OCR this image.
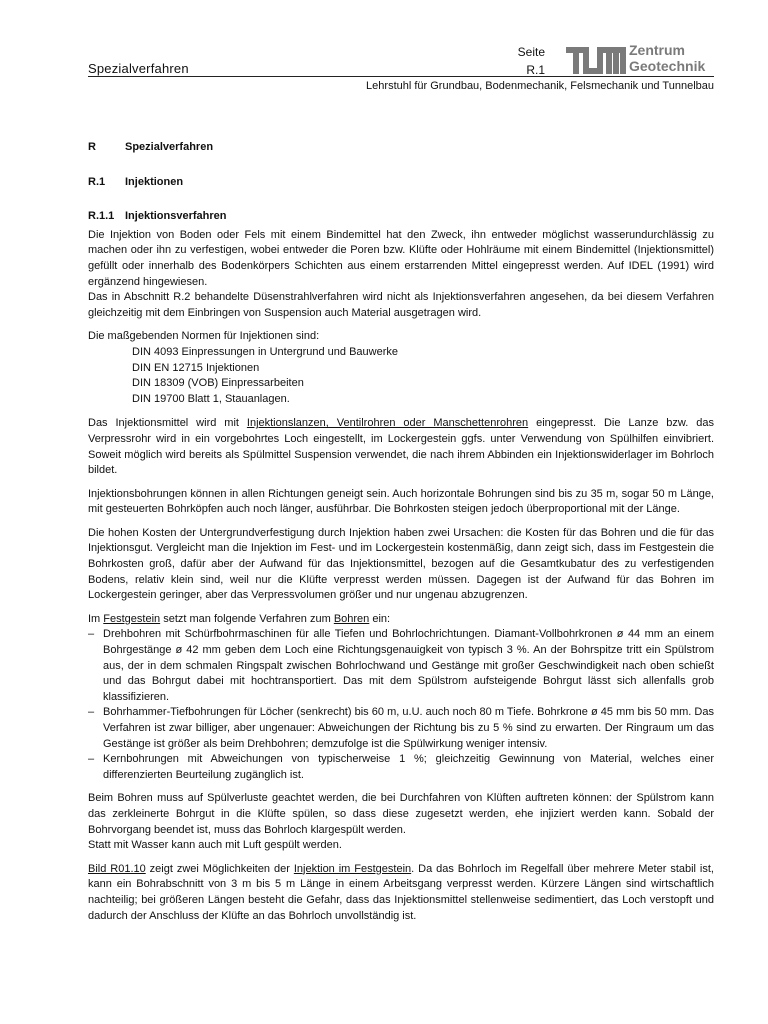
Spezialverfahren
Seite
R.1
Zentrum
Geotechnik
Lehrstuhl für Grundbau, Bodenmechanik, Felsmechanik und Tunnelbau
R	Spezialverfahren
R.1 Injektionen
R.1.1 Injektionsverfahren

Die Injektion von Boden oder Fels mit einem Bindemittel hat den Zweck, ihn entweder möglichst wasserundurchlässig zu machen oder ihn zu verfestigen, wobei entweder die Poren bzw. Klüfte oder Hohlräume mit einem Bindemittel (Injektionsmittel) gefüllt oder innerhalb des Bodenkörpers Schichten aus einem erstarrenden Mittel eingepresst werden. Auf IDEL (1991) wird ergänzend hingewiesen.

Das in Abschnitt R.2 behandelte Düsenstrahlverfahren wird nicht als Injektionsverfahren angesehen, da bei diesem Verfahren gleichzeitig mit dem Einbringen von Suspension auch Material ausgetragen wird.

Die maßgebenden Normen für Injektionen sind:

DIN 4093 Einpressungen in Untergrund und Bauwerke
DIN EN 12715 Injektionen
DIN 18309 (VOB) Einpressarbeiten
DIN 19700 Blatt 1, Stauanlagen.

Das Injektionsmittel wird mit Injektionslanzen, Ventilrohren oder Manschettenrohren eingepresst. Die Lanze bzw. das Verpressrohr wird in ein vorgebohrtes Loch eingestellt, im Lockergestein ggfs. unter Verwendung von Spülhilfen einvibriert. Soweit möglich wird bereits als Spülmittel Suspension verwendet, die nach ihrem Abbinden ein Injektionswiderlager im Bohrloch bildet.

Injektionsbohrungen können in allen Richtungen geneigt sein. Auch horizontale Bohrungen sind bis zu 35 m, sogar 50 m Länge, mit gesteuerten Bohrköpfen auch noch länger, ausführbar. Die Bohrkosten steigen jedoch überproportional mit der Länge.

Die hohen Kosten der Untergrundverfestigung durch Injektion haben zwei Ursachen: die Kosten für das Bohren und die für das Injektionsgut. Vergleicht man die Injektion im Fest- und im Lockergestein kostenmäßig, dann zeigt sich, dass im Festgestein die Bohrkosten groß, dafür aber der Aufwand für das Injektionsmittel, bezogen auf die Gesamtkubatur des zu verfestigenden Bodens, relativ klein sind, weil nur die Klüfte verpresst werden müssen. Dagegen ist der Aufwand für das Bohren im Lockergestein geringer, aber das Verpressvolumen größer und nur ungenau abzugrenzen.

Im Festgestein setzt man folgende Verfahren zum Bohren ein:

– Drehbohren mit Schürfbohrmaschinen für alle Tiefen und Bohrlochrichtungen. Diamant-Vollbohrkronen ø 44 mm an einem Bohrgestänge ø 42 mm geben dem Loch eine Richtungsgenauigkeit von typisch 3 %. An der Bohrspitze tritt ein Spülstrom aus, der in dem schmalen Ringspalt zwischen Bohrlochwand und Gestänge mit großer Geschwindigkeit nach oben schießt und das Bohrgut dabei mit hochtransportiert. Das mit dem Spülstrom aufsteigende Bohrgut lässt sich allenfalls grob klassifizieren.
– Bohrhammer-Tiefbohrungen für Löcher (senkrecht) bis 60 m, u.U. auch noch 80 m Tiefe. Bohrkrone ø 45 mm bis 50 mm. Das Verfahren ist zwar billiger, aber ungenauer: Abweichungen der Richtung bis zu 5 % sind zu erwarten. Der Ringraum um das Gestänge ist größer als beim Drehbohren; demzufolge ist die Spülwirkung weniger intensiv.
– Kernbohrungen mit Abweichungen von typischerweise 1 %; gleichzeitig Gewinnung von Material, welches einer differenzierten Beurteilung zugänglich ist.

Beim Bohren muss auf Spülverluste geachtet werden, die bei Durchfahren von Klüften auftreten können: der Spülstrom kann das zerkleinerte Bohrgut in die Klüfte spülen, so dass diese zugesetzt werden, ehe injiziert werden kann. Sobald der Bohrvorgang beendet ist, muss das Bohrloch klargespült werden.

Statt mit Wasser kann auch mit Luft gespült werden.

Bild R01.10 zeigt zwei Möglichkeiten der Injektion im Festgestein. Da das Bohrloch im Regelfall über mehrere Meter stabil ist, kann ein Bohrabschnitt von 3 m bis 5 m Länge in einem Arbeitsgang verpresst werden. Kürzere Längen sind wirtschaftlich nachteilig; bei größeren Längen besteht die Gefahr, dass das Injektionsmittel stellenweise sedimentiert, das Loch verstopft und dadurch der Anschluss der Klüfte an das Bohrloch unvollständig ist.
